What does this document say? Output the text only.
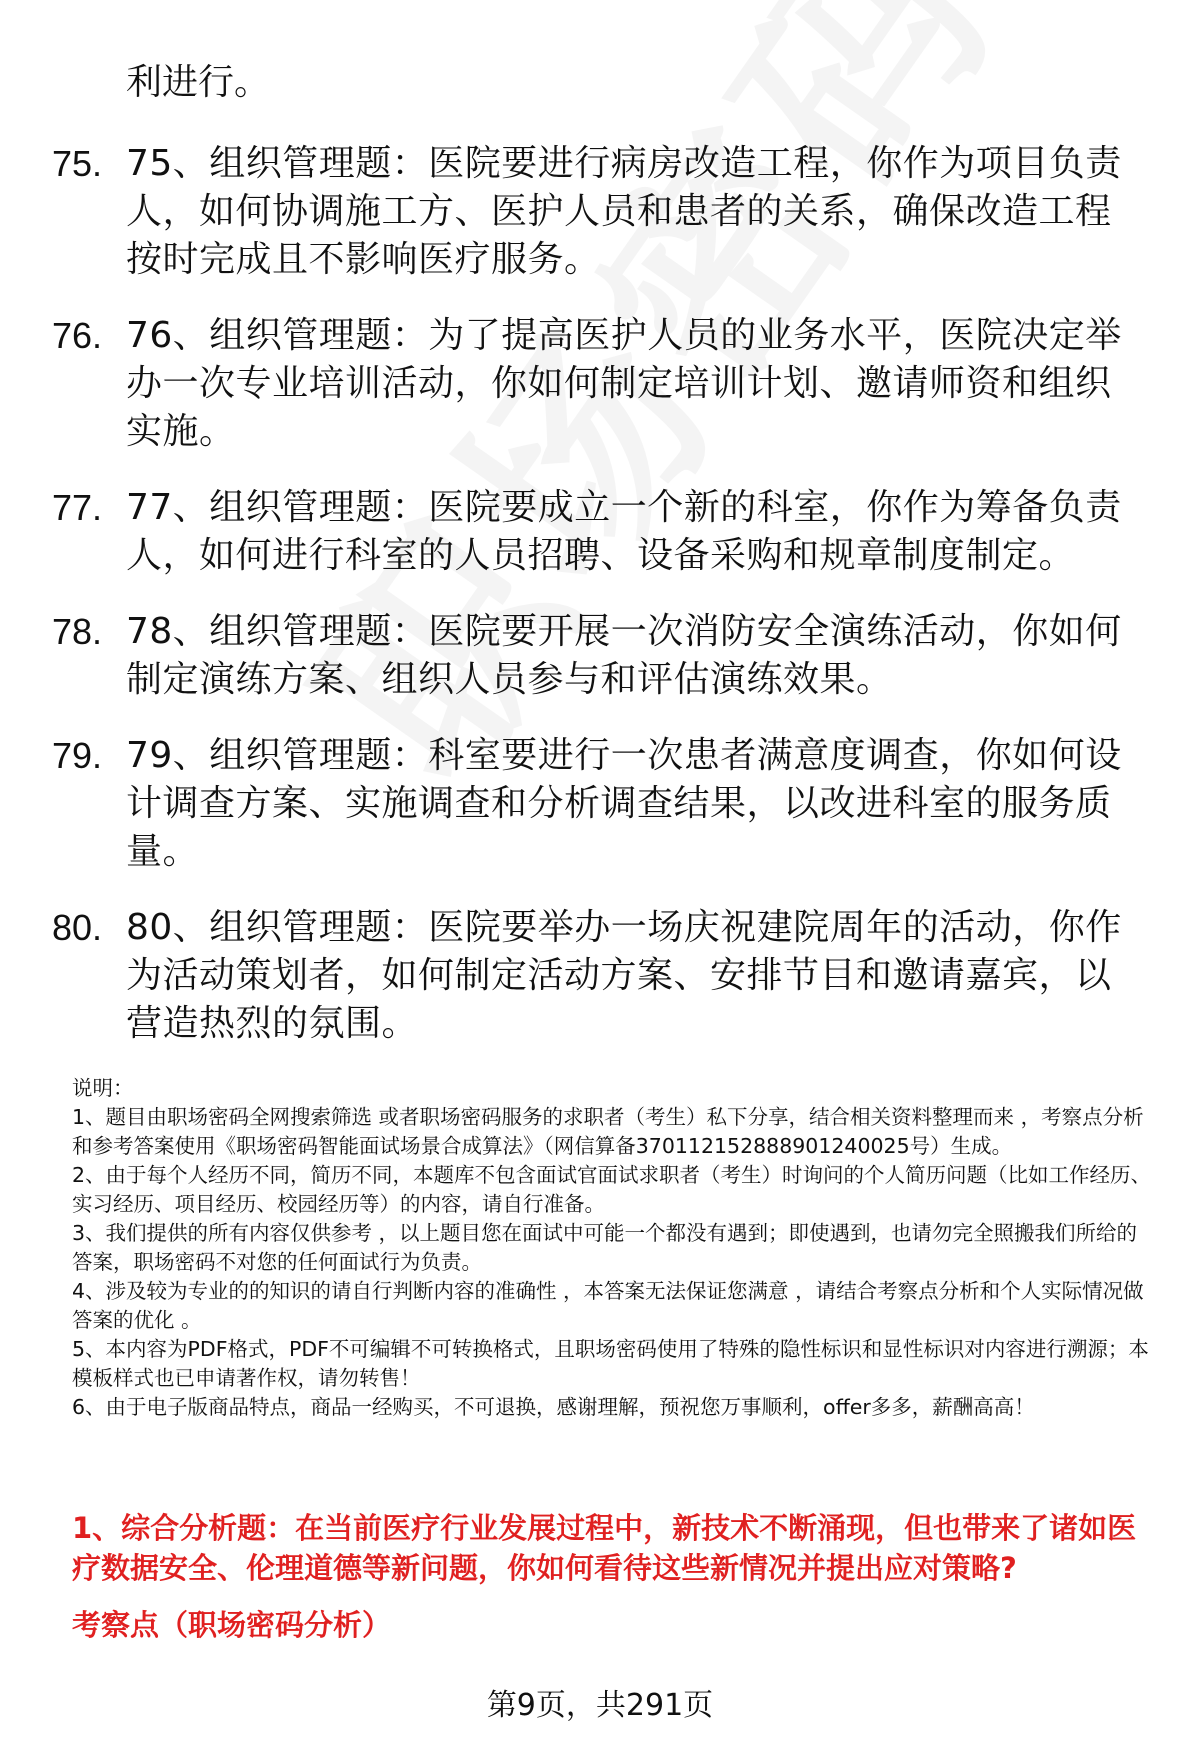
利进行。
75. 75、组织管理题：医院要进行病房改造工程，你作为项目负责人，如何协调施工方、医护人员和患者的关系，确保改造工程按时完成且不影响医疗服务。
76. 76、组织管理题：为了提高医护人员的业务水平，医院决定举办一次专业培训活动，你如何制定培训计划、邀请师资和组织实施。
77. 77、组织管理题：医院要成立一个新的科室，你作为筹备负责人，如何进行科室的人员招聘、设备采购和规章制度制定。
78. 78、组织管理题：医院要开展一次消防安全演练活动，你如何制定演练方案、组织人员参与和评估演练效果。
79. 79、组织管理题：科室要进行一次患者满意度调查，你如何设计调查方案、实施调查和分析调查结果，以改进科室的服务质量。
80. 80、组织管理题：医院要举办一场庆祝建院周年的活动，你作为活动策划者，如何制定活动方案、安排节目和邀请嘉宾，以营造热烈的氛围。

说明：

1、题目由职场密码全网搜索筛选 或者职场密码服务的求职者（考生）私下分享，结合相关资料整理而来 ，考察点分析和参考答案使用《职场密码智能面试场景合成算法》（网信算备370112152888901240025号）生成。

2、由于每个人经历不同，简历不同，本题库不包含面试官面试求职者（考生）时询问的个人简历问题（比如工作经历、实习经历、项目经历、校园经历等）的内容，请自行准备。

3、我们提供的所有内容仅供参考 ，以上题目您在面试中可能一个都没有遇到；即使遇到，也请勿完全照搬我们所给的答案，职场密码不对您的任何面试行为负责。

4、涉及较为专业的的知识的请自行判断内容的准确性 ，本答案无法保证您满意 ，请结合考察点分析和个人实际情况做答案的优化 。

5、本内容为PDF格式，PDF不可编辑不可转换格式，且职场密码使用了特殊的隐性标识和显性标识对内容进行溯源；本模板样式也已申请著作权，请勿转售！

6、由于电子版商品特点，商品一经购买，不可退换，感谢理解，预祝您万事顺利，offer多多，薪酬高高！

1、综合分析题：在当前医疗行业发展过程中，新技术不断涌现，但也带来了诸如医疗数据安全、伦理道德等新问题，你如何看待这些新情况并提出应对策略?
考察点（职场密码分析）
第9页，共291页
